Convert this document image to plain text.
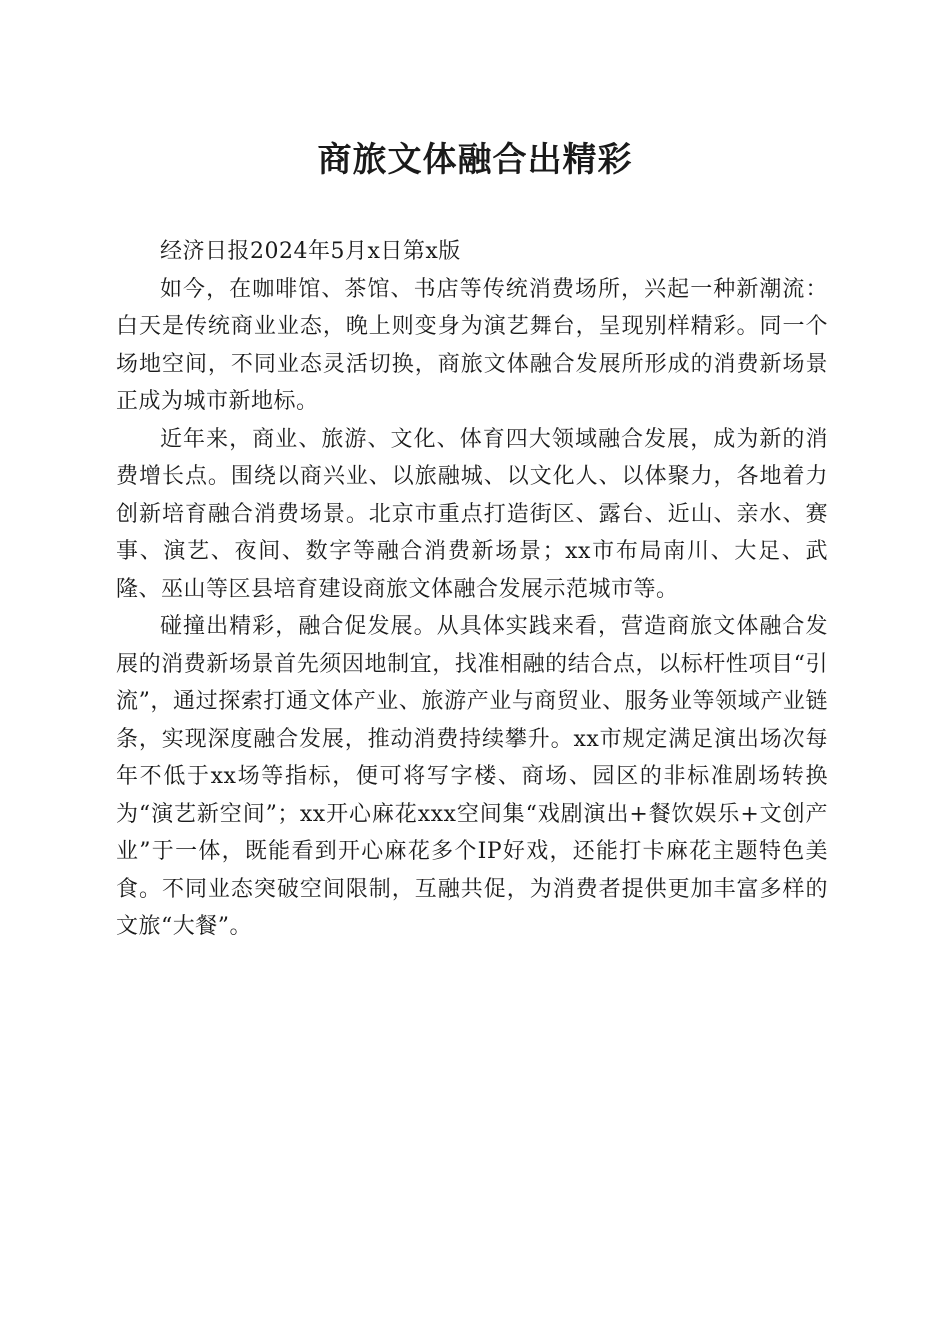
商旅文体融合出精彩

经济日报2024年5月x日第x版

如今，在咖啡馆、茶馆、书店等传统消费场所，兴起一种新潮流：白天是传统商业业态，晚上则变身为演艺舞台，呈现别样精彩。同一个场地空间，不同业态灵活切换，商旅文体融合发展所形成的消费新场景正成为城市新地标。

近年来，商业、旅游、文化、体育四大领域融合发展，成为新的消费增长点。围绕以商兴业、以旅融城、以文化人、以体聚力，各地着力创新培育融合消费场景。北京市重点打造街区、露台、近山、亲水、赛事、演艺、夜间、数字等融合消费新场景；xx市布局南川、大足、武隆、巫山等区县培育建设商旅文体融合发展示范城市等。

碰撞出精彩，融合促发展。从具体实践来看，营造商旅文体融合发展的消费新场景首先须因地制宜，找准相融的结合点，以标杆性项目“引流”，通过探索打通文体产业、旅游产业与商贸业、服务业等领域产业链条，实现深度融合发展，推动消费持续攀升。xx市规定满足演出场次每年不低于xx场等指标，便可将写字楼、商场、园区的非标准剧场转换为“演艺新空间”；xx开心麻花xxx空间集“戏剧演出+餐饮娱乐+文创产业”于一体，既能看到开心麻花多个IP好戏，还能打卡麻花主题特色美食。不同业态突破空间限制，互融共促，为消费者提供更加丰富多样的文旅“大餐”。
